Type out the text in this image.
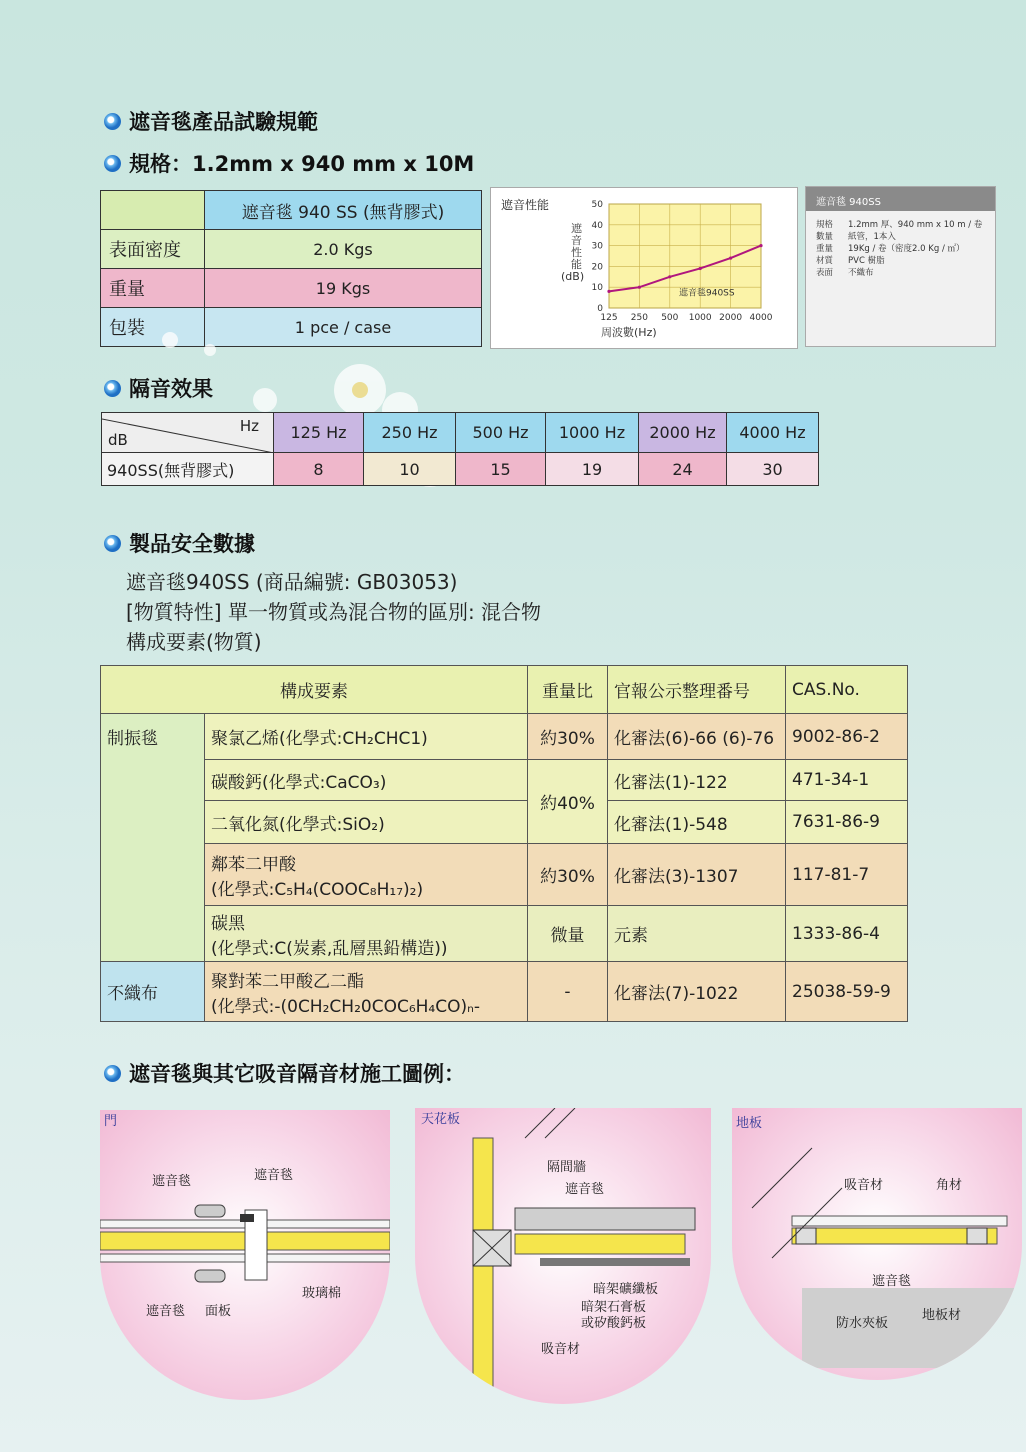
遮音毯產品試驗規範
規格：1.2mm x 940 mm x 10M
	遮音毯 940 SS (無背膠式)
表面密度	2.0 Kgs
重量	19 Kgs
包裝	1 pce / case
遮音性能
125 250 500 1000 2000 4000
0
10
20
30
40
50
遮音毯940SS
遮音性能(dB)
周波數(Hz)
遮音毯 940SS
規格	1.2mm 厚、940 mm x 10 m / 卷
數量	紙管，1本入
重量	19Kg / 卷（密度2.0 Kg / ㎡）
材質	PVC 樹脂
表面	不織布
隔音效果
Hz
dB	125 Hz	250 Hz	500 Hz	1000 Hz	2000 Hz	4000 Hz
940SS(無背膠式)	8	10	15	19	24	30
製品安全數據
遮音毯940SS (商品編號: GB03053)
[物質特性] 單一物質或為混合物的區別: 混合物
構成要素(物質)
構成要素		重量比	官報公示整理番号	CAS.No.
制振毯	聚氯乙烯(化學式:CH₂CHC1)	約30%	化審法(6)-66 (6)-76	9002-86-2
	碳酸鈣(化學式:CaCO₃)	約40%	化審法(1)-122	471-34-1
	二氧化氮(化學式:SiO₂)		化審法(1)-548	7631-86-9

	鄰苯二甲酸
(化學式:C₅H₄(COOC₈H₁₇)₂)	約30%	化審法(3)-1307	117-81-7

	碳黑
(化學式:C(炭素,乱層黒鉛構造))	微量	元素	1333-86-4
不織布	聚對苯二甲酸乙二酯
(化學式:-(0CH₂CH₂0COC₆H₄CO)ₙ-	-	化審法(7)-1022	25038-59-9
遮音毯與其它吸音隔音材施工圖例：
門
遮音毯	遮音毯
玻璃棉
遮音毯 面板
天花板
隔間牆
遮音毯
暗架礦纖板
暗架石膏板
或矽酸鈣板
吸音材
地板
吸音材	角材
遮音毯
防水夾板
地板材
